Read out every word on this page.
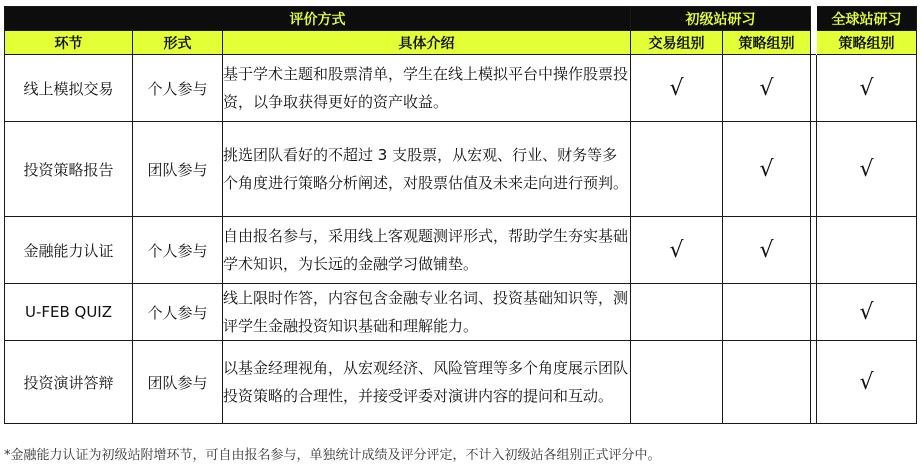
评价方式			初级站研习			全球站研习
环节	形式	具体介绍	交易组别	策略组别		策略组别
线上模拟交易	个人参与	基于学术主题和股票清单，学生在线上模拟平台中操作股票投资，以争取获得更好的资产收益。	√	√		√
投资策略报告	团队参与	挑选团队看好的不超过 3 支股票，从宏观、行业、财务等多个角度进行策略分析阐述，对股票估值及未来走向进行预判。		√		√
金融能力认证	个人参与	自由报名参与，采用线上客观题测评形式，帮助学生夯实基础学术知识，为长远的金融学习做铺垫。	√	√		
U-FEB QUIZ	个人参与	线上限时作答，内容包含金融专业名词、投资基础知识等，测评学生金融投资知识基础和理解能力。				√
投资演讲答辩	团队参与	以基金经理视角，从宏观经济、风险管理等多个角度展示团队投资策略的合理性，并接受评委对演讲内容的提问和互动。				√
*金融能力认证为初级站附增环节，可自由报名参与，单独统计成绩及评分评定，不计入初级站各组别正式评分中。
